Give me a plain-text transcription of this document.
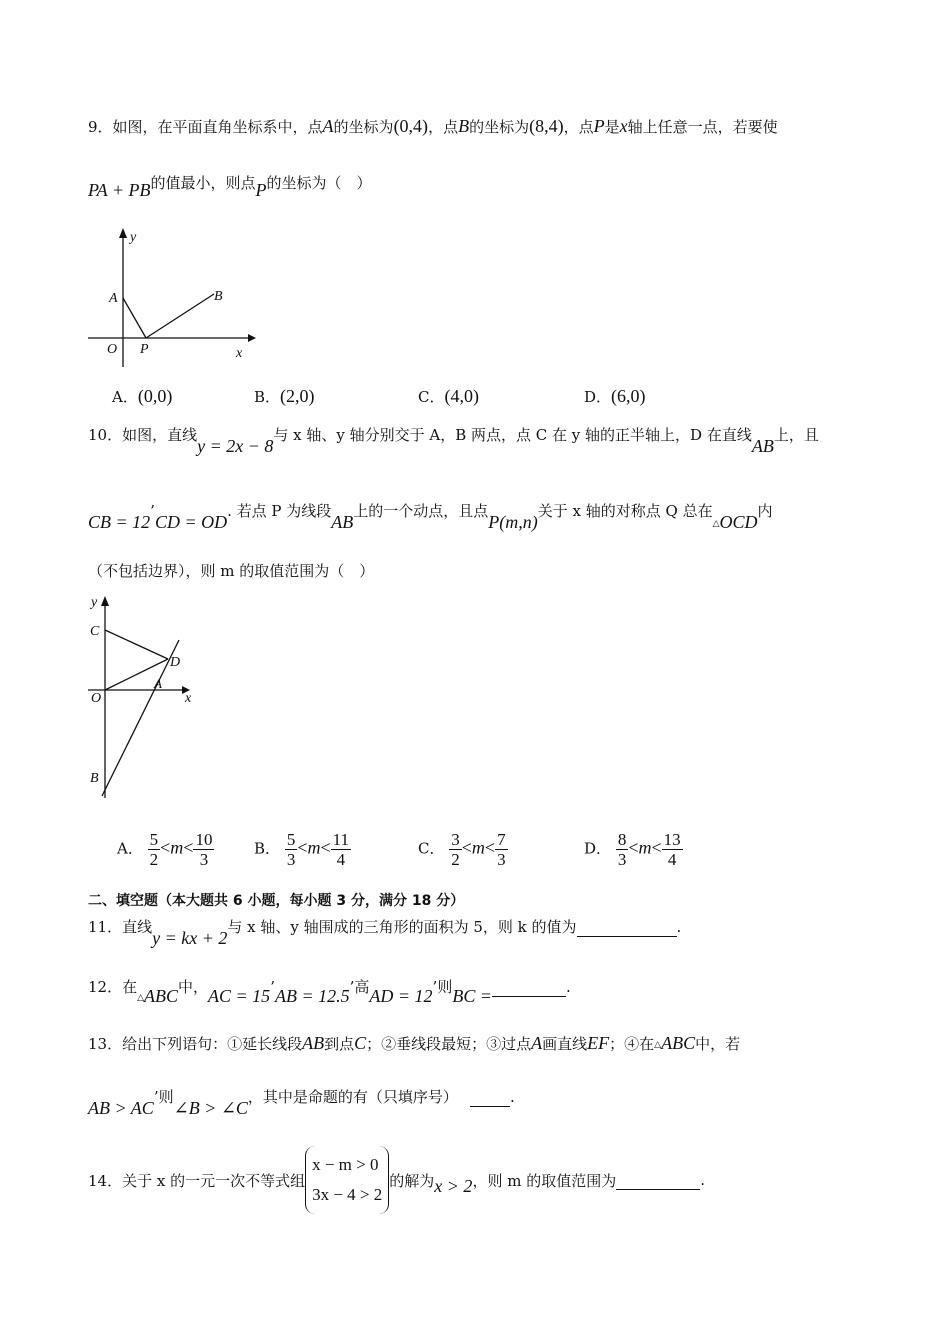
9．如图，在平面直角坐标系中，点A的坐标为(0,4)，点B的坐标为(8,4)，点P是x轴上任意一点，若要使
PA + PB的值最小，则点P的坐标为（　）
y
A	B
O P	x
A．(0,0)	B．(2,0)	C．(4,0)	D．(6,0)
10．如图，直线y = 2x − 8与 x 轴、y 轴分别交于 A，B 两点，点 C 在 y 轴的正半轴上，D 在直线AB上，且
CB = 12’CD = OD. 若点 P 为线段AB上的一个动点，且点P(m,n)关于 x 轴的对称点 Q 总在$_\triangle$OCD内
（不包括边界），则 m 的取值范围为（　）
y
C
D
O
A
x
B
A． $\frac{5}{2} <m< \frac{10}{3}$	B． $\frac{5}{3} <m< \frac{11}{4}$	C． $\frac{3}{2} <m< \frac{7}{3}$	D． $\frac{8}{3} <m< \frac{13}{4}$
二、填空题（本大题共 6 小题，每小题 3 分，满分 18 分）
11．直线y = kx + 2与 x 轴、y 轴围成的三角形的面积为 5，则 k 的值为	.
12．在$_\triangle$ABC中，AC = 15’AB = 12.5’高AD = 12’则BC =	.
13．给出下列语句：①延长线段AB到点C；②垂线段最短；③过点A画直线EF；④在△ABC中，若
AB > AC’则∠B > ∠C，其中是命题的有（只填序号）	.
14．关于 x 的一元一次不等式组
x − m > 0
3x − 4 > 2
的解为 x > 2 ，则 m 的取值范围为
	.
